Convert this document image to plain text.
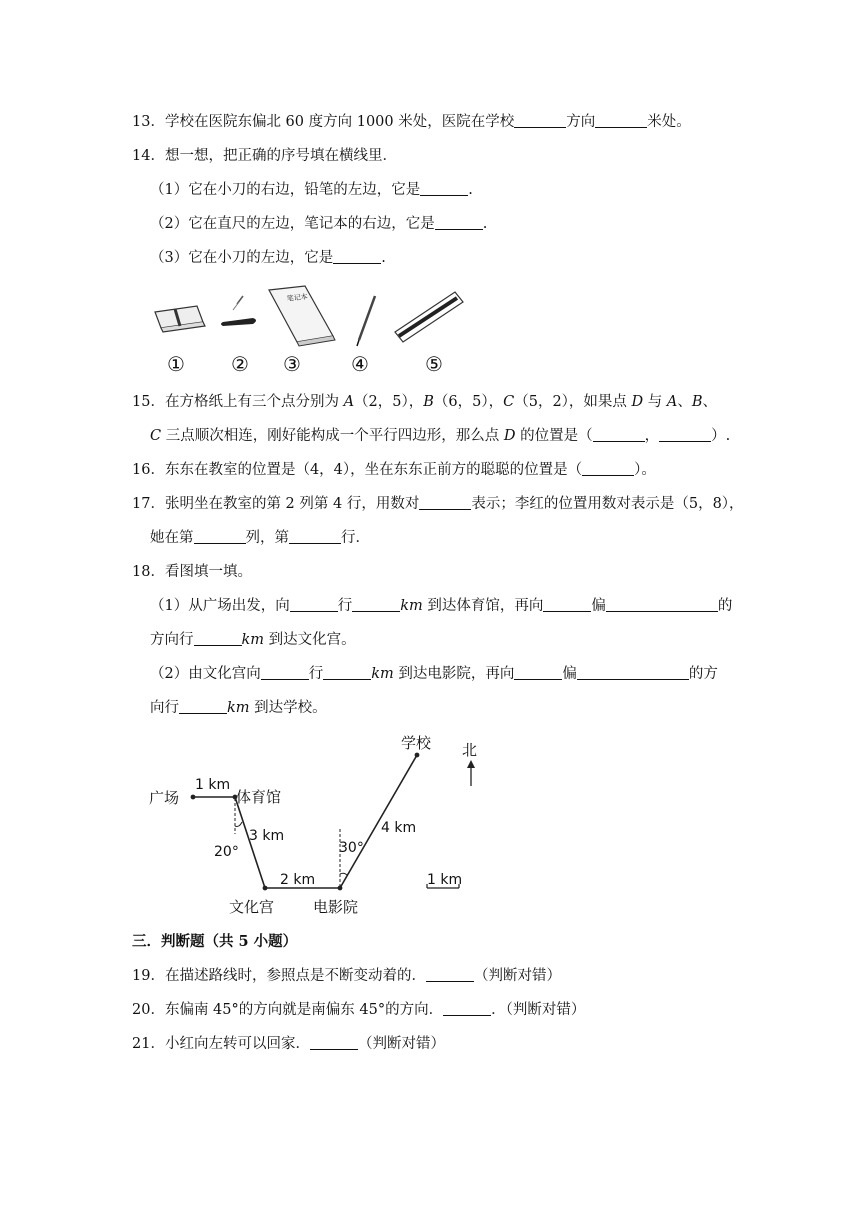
13．学校在医院东偏北 60 度方向 1000 米处，医院在学校	方向	米处。
14．想一想，把正确的序号填在横线里．
（1）它在小刀的右边，铅笔的左边，它是	.
（2）它在直尺的左边，笔记本的右边，它是	.
（3）它在小刀的左边，它是	.
笔记本
① ② ③	④	⑤
15．在方格纸上有三个点分别为 A（2，5），B（6，5），C（5，2），如果点 D 与 A、B、
C 三点顺次相连，刚好能构成一个平行四边形，那么点 D 的位置是（	，	）.
16．东东在教室的位置是（4，4），坐在东东正前方的聪聪的位置是（	）。
17．张明坐在教室的第 2 列第 4 行，用数对	表示；李红的位置用数对表示是（5，8），
她在第	列，第	行．
18．看图填一填。
（1）从广场出发，向	行	km 到达体育馆，再向	偏	的
方向行	km 到达文化宫。
（2）由文化宫向	行	km 到达电影院，再向	偏	的方
向行	km 到达学校。
广场	体育馆
文化宫	电影院
学校
1 km
3 km
2 km
4 km
20°	30°
北
1 km
三．判断题（共 5 小题）
19．在描述路线时，参照点是不断变动着的．	（判断对错）
20．东偏南 45°的方向就是南偏东 45°的方向．	．（判断对错）
21．小红向左转可以回家．	（判断对错）
